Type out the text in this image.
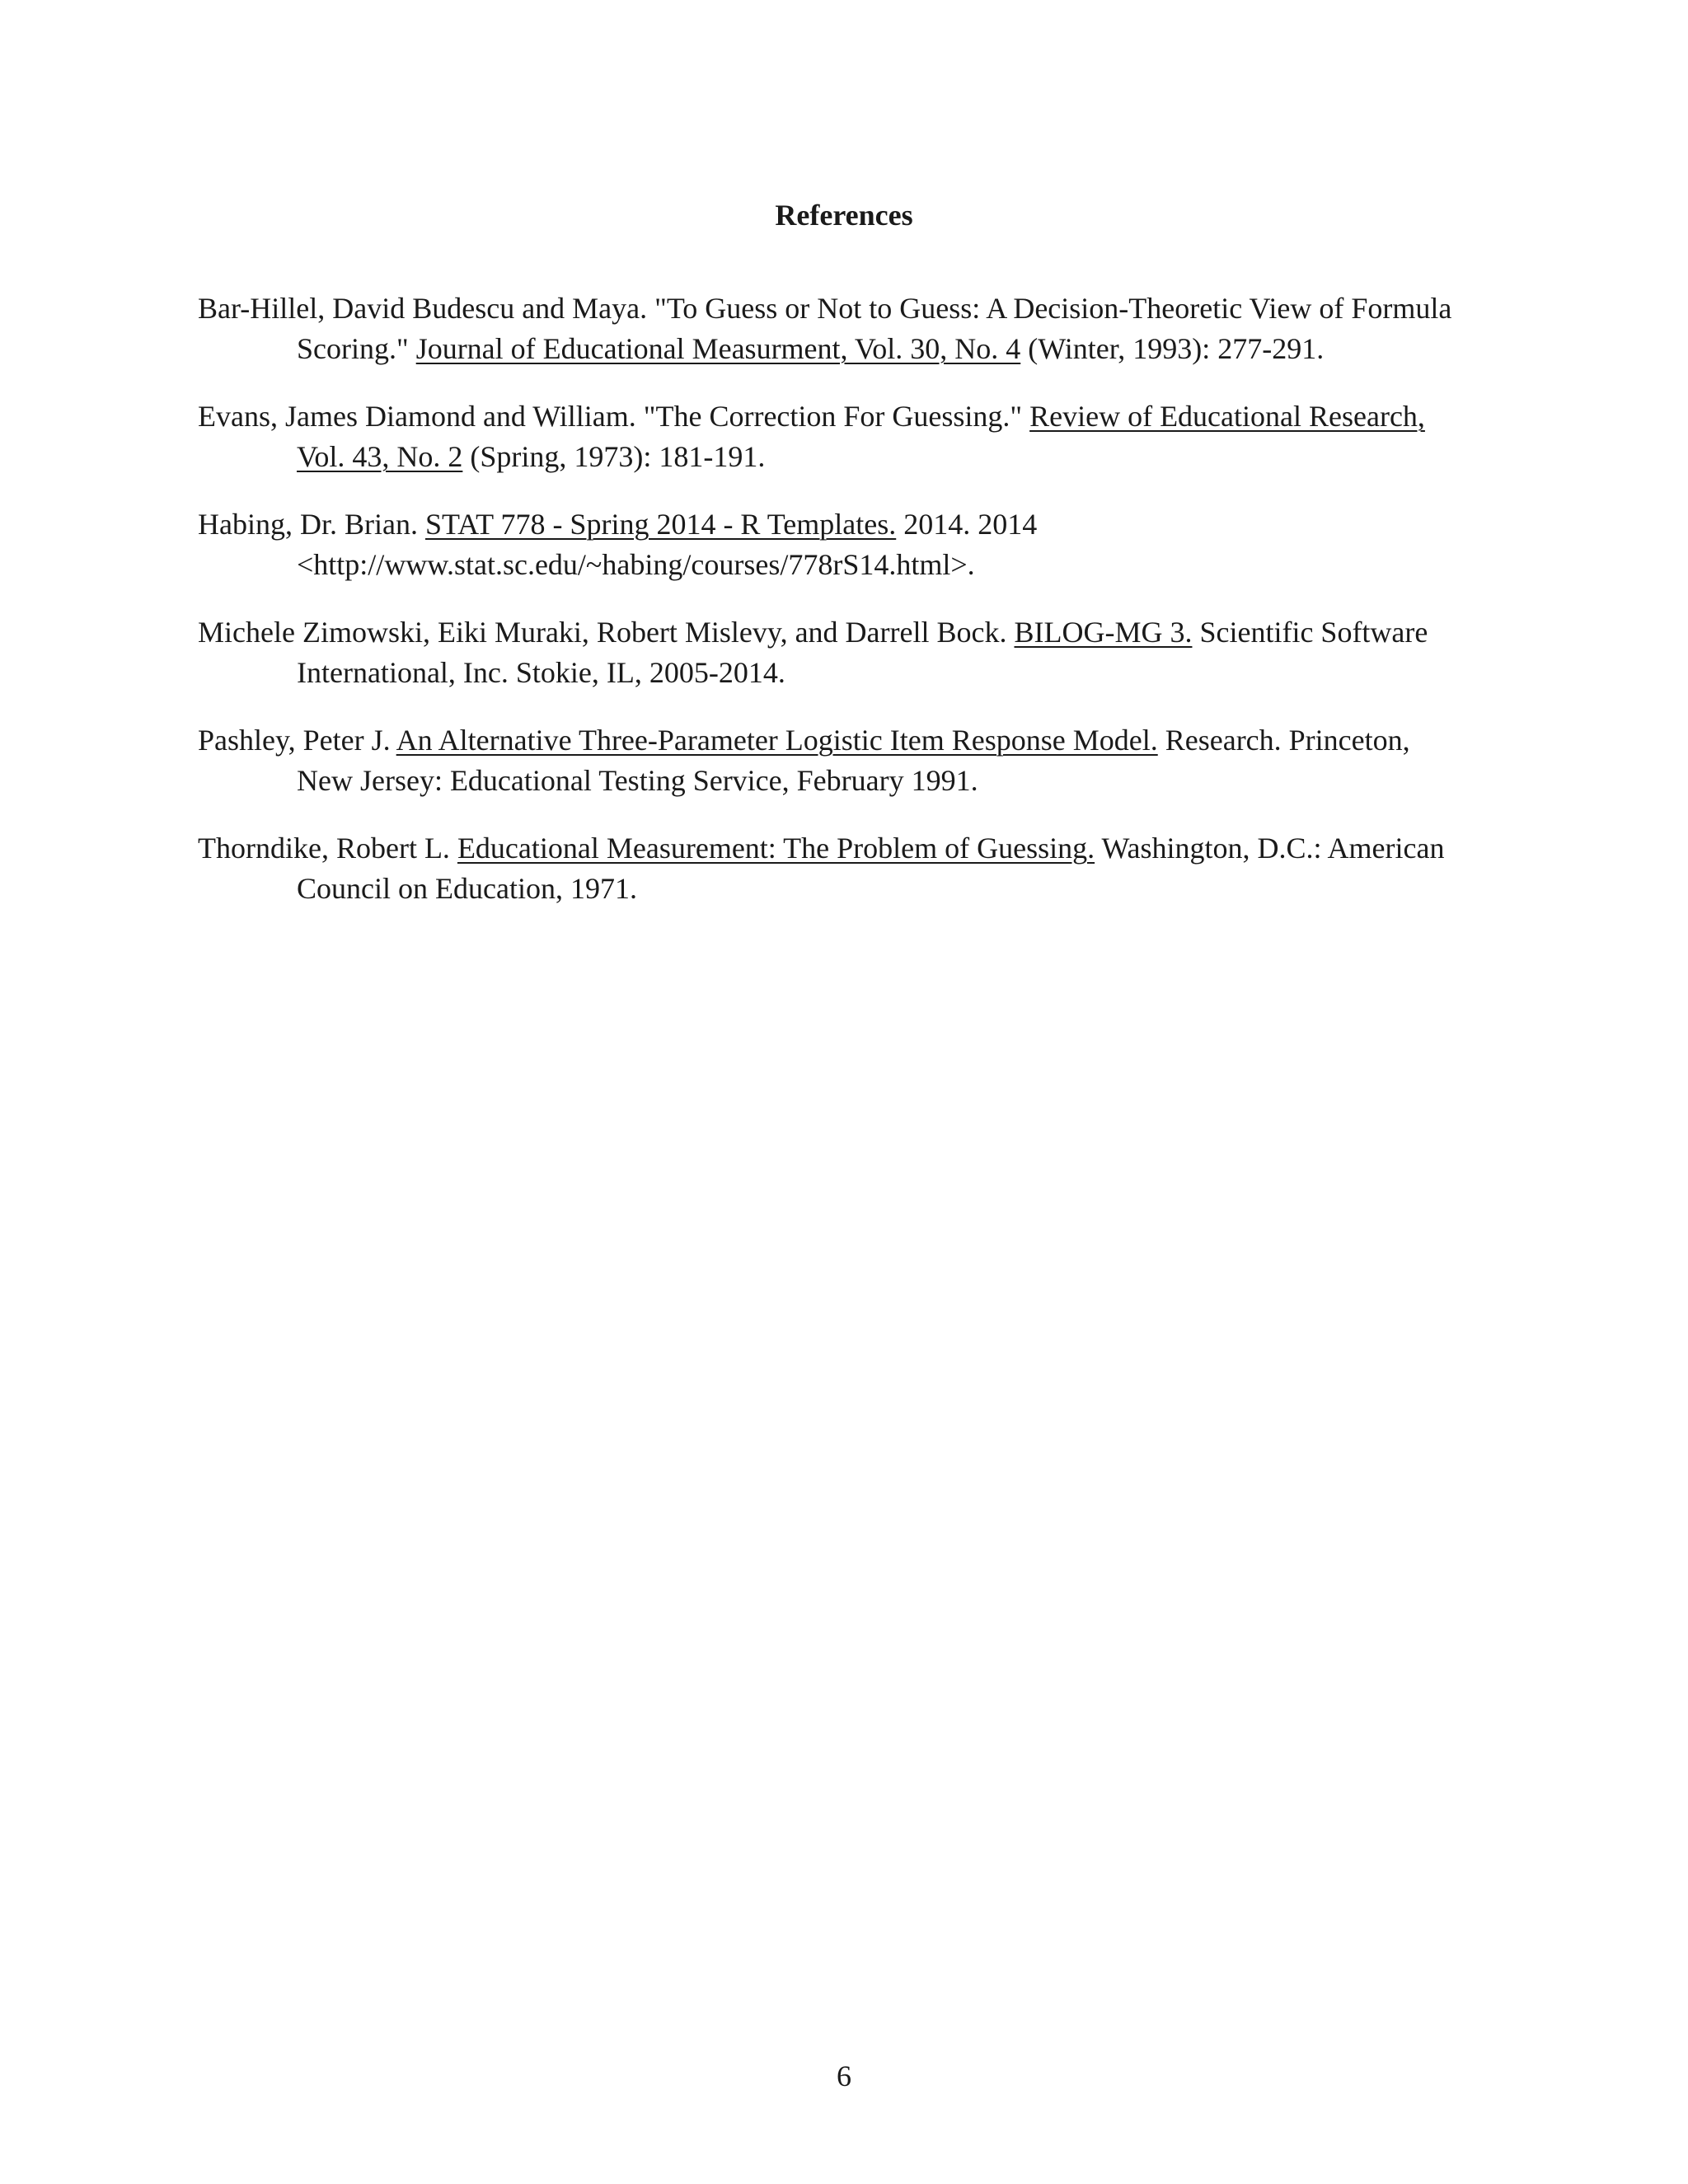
References
Bar-Hillel, David Budescu and Maya. "To Guess or Not to Guess: A Decision-Theoretic View of Formula
Scoring." Journal of Educational Measurment, Vol. 30, No. 4 (Winter, 1993): 277-291.
Evans, James Diamond and William. "The Correction For Guessing." Review of Educational Research,
Vol. 43, No. 2 (Spring, 1973): 181-191.
Habing, Dr. Brian. STAT 778 - Spring 2014 - R Templates. 2014. 2014
<http://www.stat.sc.edu/~habing/courses/778rS14.html>.
Michele Zimowski, Eiki Muraki, Robert Mislevy, and Darrell Bock. BILOG-MG 3. Scientific Software
International, Inc. Stokie, IL, 2005-2014.
Pashley, Peter J. An Alternative Three-Parameter Logistic Item Response Model. Research. Princeton,
New Jersey: Educational Testing Service, February 1991.
Thorndike, Robert L. Educational Measurement: The Problem of Guessing. Washington, D.C.: American
Council on Education, 1971.
6
